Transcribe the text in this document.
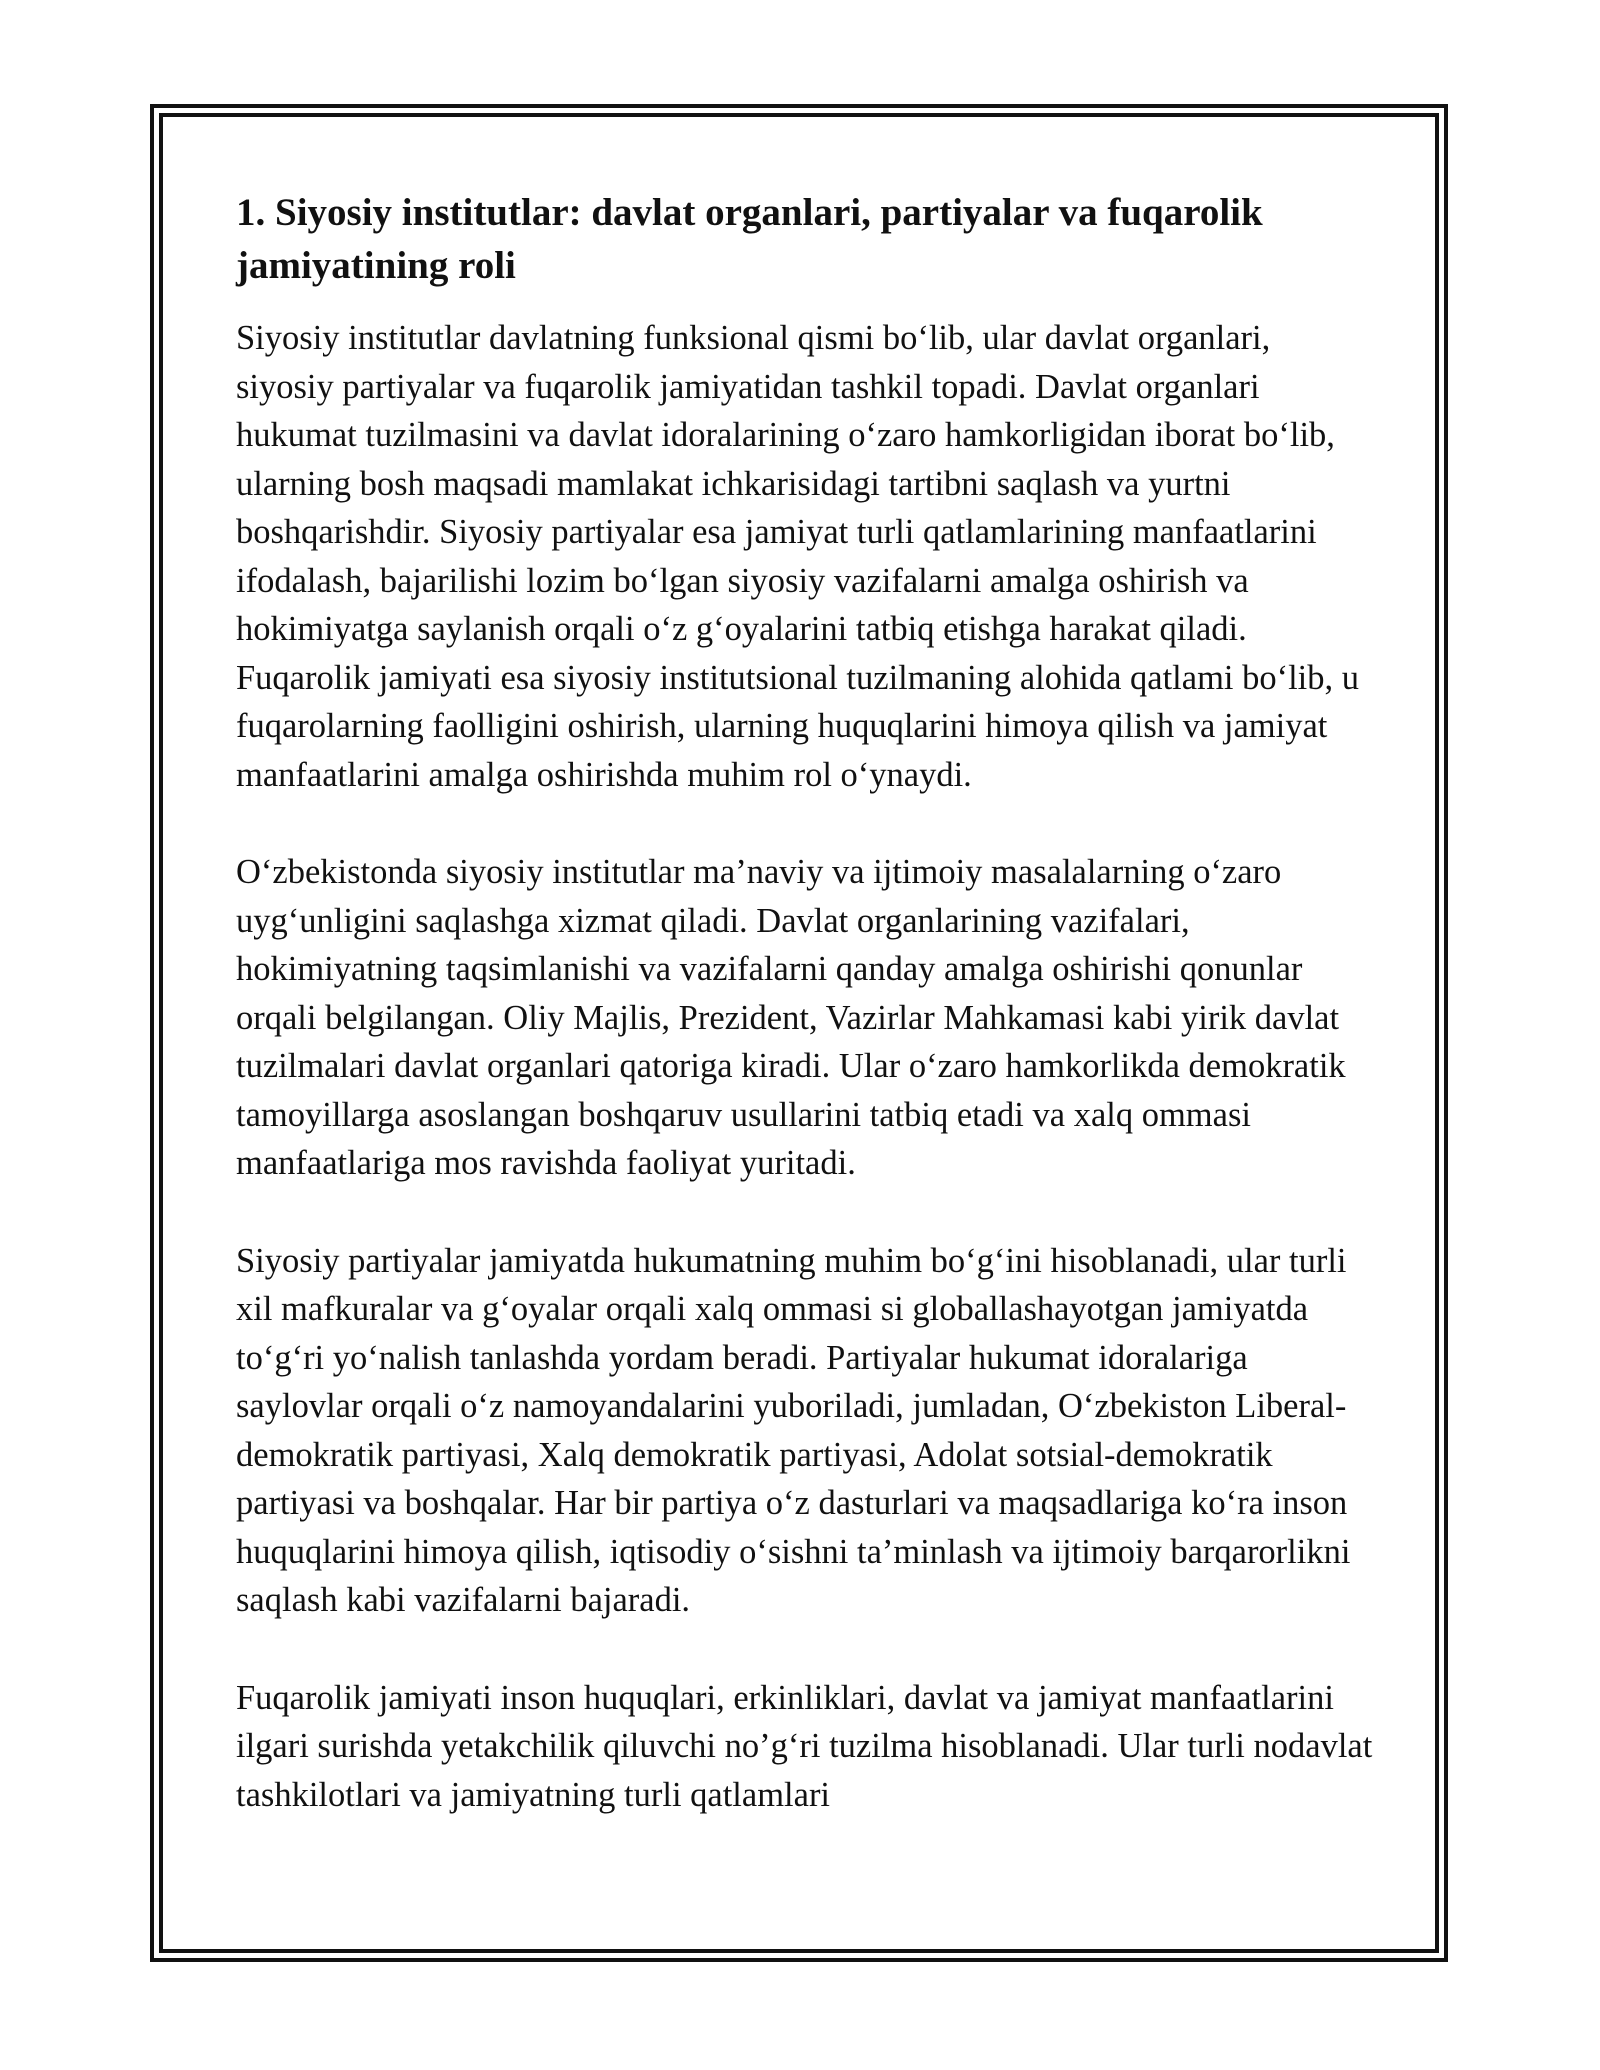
1. Siyosiy institutlar: davlat organlari, partiyalar va fuqarolik jamiyatining roli

Siyosiy institutlar davlatning funksional qismi bo‘lib, ular davlat organlari, siyosiy partiyalar va fuqarolik jamiyatidan tashkil topadi. Davlat organlari hukumat tuzilmasini va davlat idoralarining o‘zaro hamkorligidan iborat bo‘lib, ularning bosh maqsadi mamlakat ichkarisidagi tartibni saqlash va yurtni boshqarishdir. Siyosiy partiyalar esa jamiyat turli qatlamlarining manfaatlarini ifodalash, bajarilishi lozim bo‘lgan siyosiy vazifalarni amalga oshirish va hokimiyatga saylanish orqali o‘z g‘oyalarini tatbiq etishga harakat qiladi. Fuqarolik jamiyati esa siyosiy institutsional tuzilmaning alohida qatlami bo‘lib, u fuqarolarning faolligini oshirish, ularning huquqlarini himoya qilish va jamiyat manfaatlarini amalga oshirishda muhim rol o‘ynaydi.

O‘zbekistonda siyosiy institutlar ma’naviy va ijtimoiy masalalarning o‘zaro uyg‘unligini saqlashga xizmat qiladi. Davlat organlarining vazifalari, hokimiyatning taqsimlanishi va vazifalarni qanday amalga oshirishi qonunlar orqali belgilangan. Oliy Majlis, Prezident, Vazirlar Mahkamasi kabi yirik davlat tuzilmalari davlat organlari qatoriga kiradi. Ular o‘zaro hamkorlikda demokratik tamoyillarga asoslangan boshqaruv usullarini tatbiq etadi va xalq ommasi manfaatlariga mos ravishda faoliyat yuritadi.

Siyosiy partiyalar jamiyatda hukumatning muhim bo‘g‘ini hisoblanadi, ular turli xil mafkuralar va g‘oyalar orqali xalq ommasi si globallashayotgan jamiyatda to‘g‘ri yo‘nalish tanlashda yordam beradi. Partiyalar hukumat idoralariga saylovlar orqali o‘z namoyandalarini yuboriladi, jumladan, O‘zbekiston Liberal-demokratik partiyasi, Xalq demokratik partiyasi, Adolat sotsial-demokratik partiyasi va boshqalar. Har bir partiya o‘z dasturlari va maqsadlariga ko‘ra inson huquqlarini himoya qilish, iqtisodiy o‘sishni ta’minlash va ijtimoiy barqarorlikni saqlash kabi vazifalarni bajaradi.

Fuqarolik jamiyati inson huquqlari, erkinliklari, davlat va jamiyat manfaatlarini ilgari surishda yetakchilik qiluvchi no’g‘ri tuzilma hisoblanadi. Ular turli nodavlat tashkilotlari va jamiyatning turli qatlamlari
